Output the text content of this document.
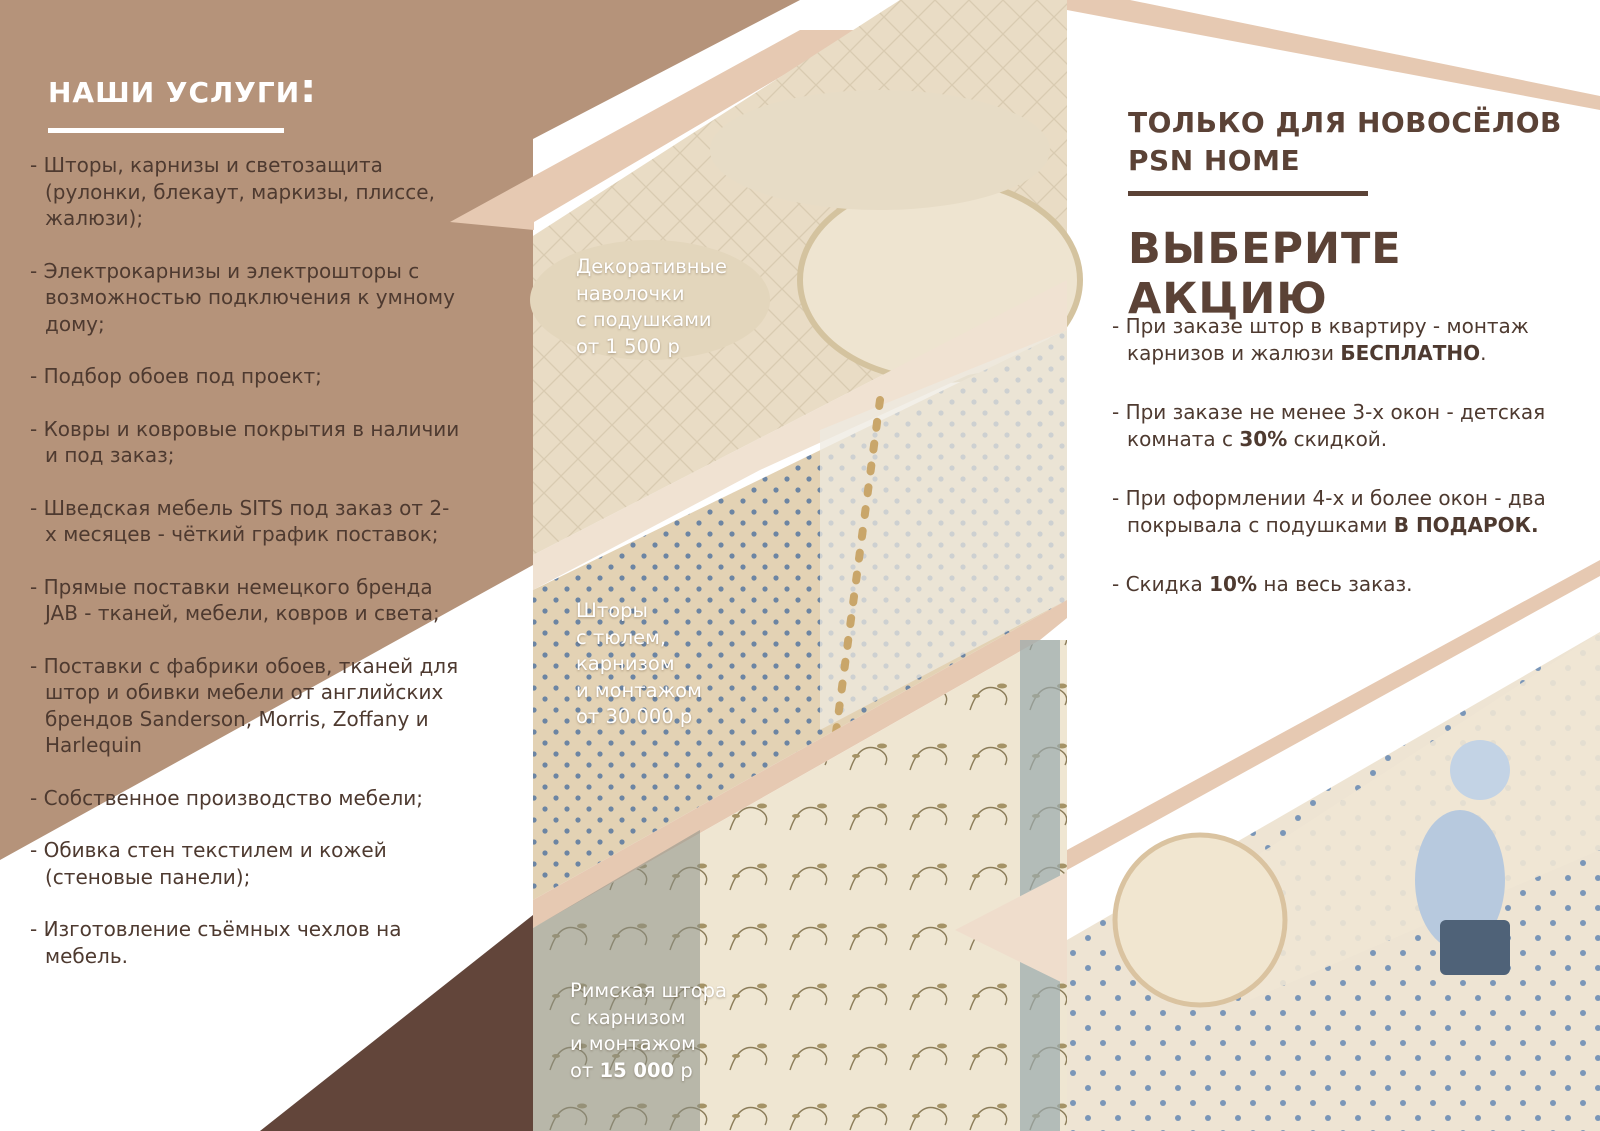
НАШИ УСЛУГИ:
- Шторы, карнизы и светозащита (рулонки, блекаут, маркизы, плиссе, жалюзи);
- Электрокарнизы и электрошторы с возможностью подключения к умному дому;
- Подбор обоев под проект;
- Ковры и ковровые покрытия в наличии и под заказ;
- Шведская мебель SITS под заказ от 2-х месяцев - чёткий график поставок;
- Прямые поставки немецкого бренда JAB - тканей, мебели, ковров и света;
- Поставки с фабрики обоев, тканей для штор и обивки мебели от английских брендов Sanderson, Morris, Zoffany и Harlequin
- Собственное производство мебели;
- Обивка стен текстилем и кожей (стеновые панели);
- Изготовление съёмных чехлов на мебель.
Декоративные
наволочки
с подушками
от 1 500 р
Шторы
с тюлем,
карнизом
и монтажом
от 30 000 р
Римская штора
с карнизом
и монтажом
от 15 000 р
ТОЛЬКО ДЛЯ НОВОСЁЛОВ
PSN HOME
ВЫБЕРИТЕ АКЦИЮ
- При заказе штор в квартиру - монтаж карнизов и жалюзи БЕСПЛАТНО.
- При заказе не менее 3-х окон - детская комната с 30% скидкой.
- При оформлении 4-х и более окон - два покрывала с подушками В ПОДАРОК.
- Скидка 10% на весь заказ.
